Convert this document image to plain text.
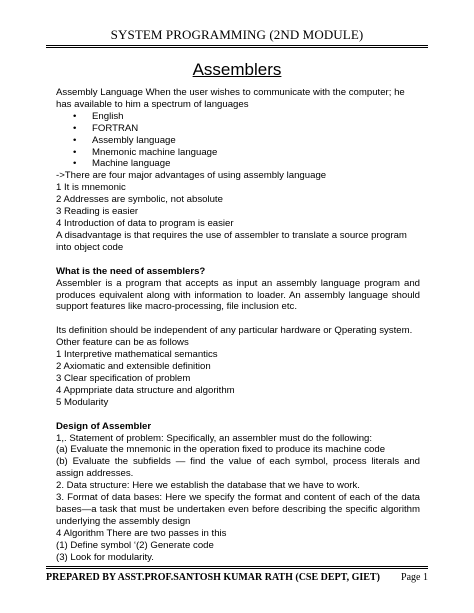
SYSTEM PROGRAMMING (2ND MODULE)
Assemblers

Assembly Language When the user wishes to communicate with the computer; he has available to him a spectrum of languages

• English
• FORTRAN
• Assembly language
• Mnemonic machine language
• Machine language

->There are four major advantages of using assembly language

1 It is mnemonic

2 Addresses are symbolic, not absolute

3 Reading is easier

4 Introduction of data to program is easier

A disadvantage is that requires the use of assembler to translate a source program into object code

What is the need of assemblers?

Assembler is a program that accepts as input an assembly language program and produces equivalent along with information to loader. An assembly language should support features like macro-processing, file inclusion etc.

Its definition should be independent of any particular hardware or Qperating system.

Other feature can be as follows

1 Interpretive mathematical semantics

2 Axiomatic and extensible definition

3 Clear specification of problem

4 Appmpriate data structure and algorithm

5 Modularity

Design of Assembler

1,. Statement of problem: Specifically, an assembler must do the following:

(a) Evaluate the mnemonic in the operation fixed to produce its machine code

(b) Evaluate the subfields — find the value of each symbol, process literals and assign addresses.

2. Data structure: Here we establish the database that we have to work.

3. Format of data bases: Here we specify the format and content of each of the data bases—a task that must be undertaken even before describing the specific algorithm underlying the assembly design

4 Algorithm There are two passes in this

(1) Define symbol ‘(2) Generate code

(3) Look for modularity.

PREPARED BY ASST.PROF.SANTOSH KUMAR RATH (CSE DEPT, GIET) Page 1
